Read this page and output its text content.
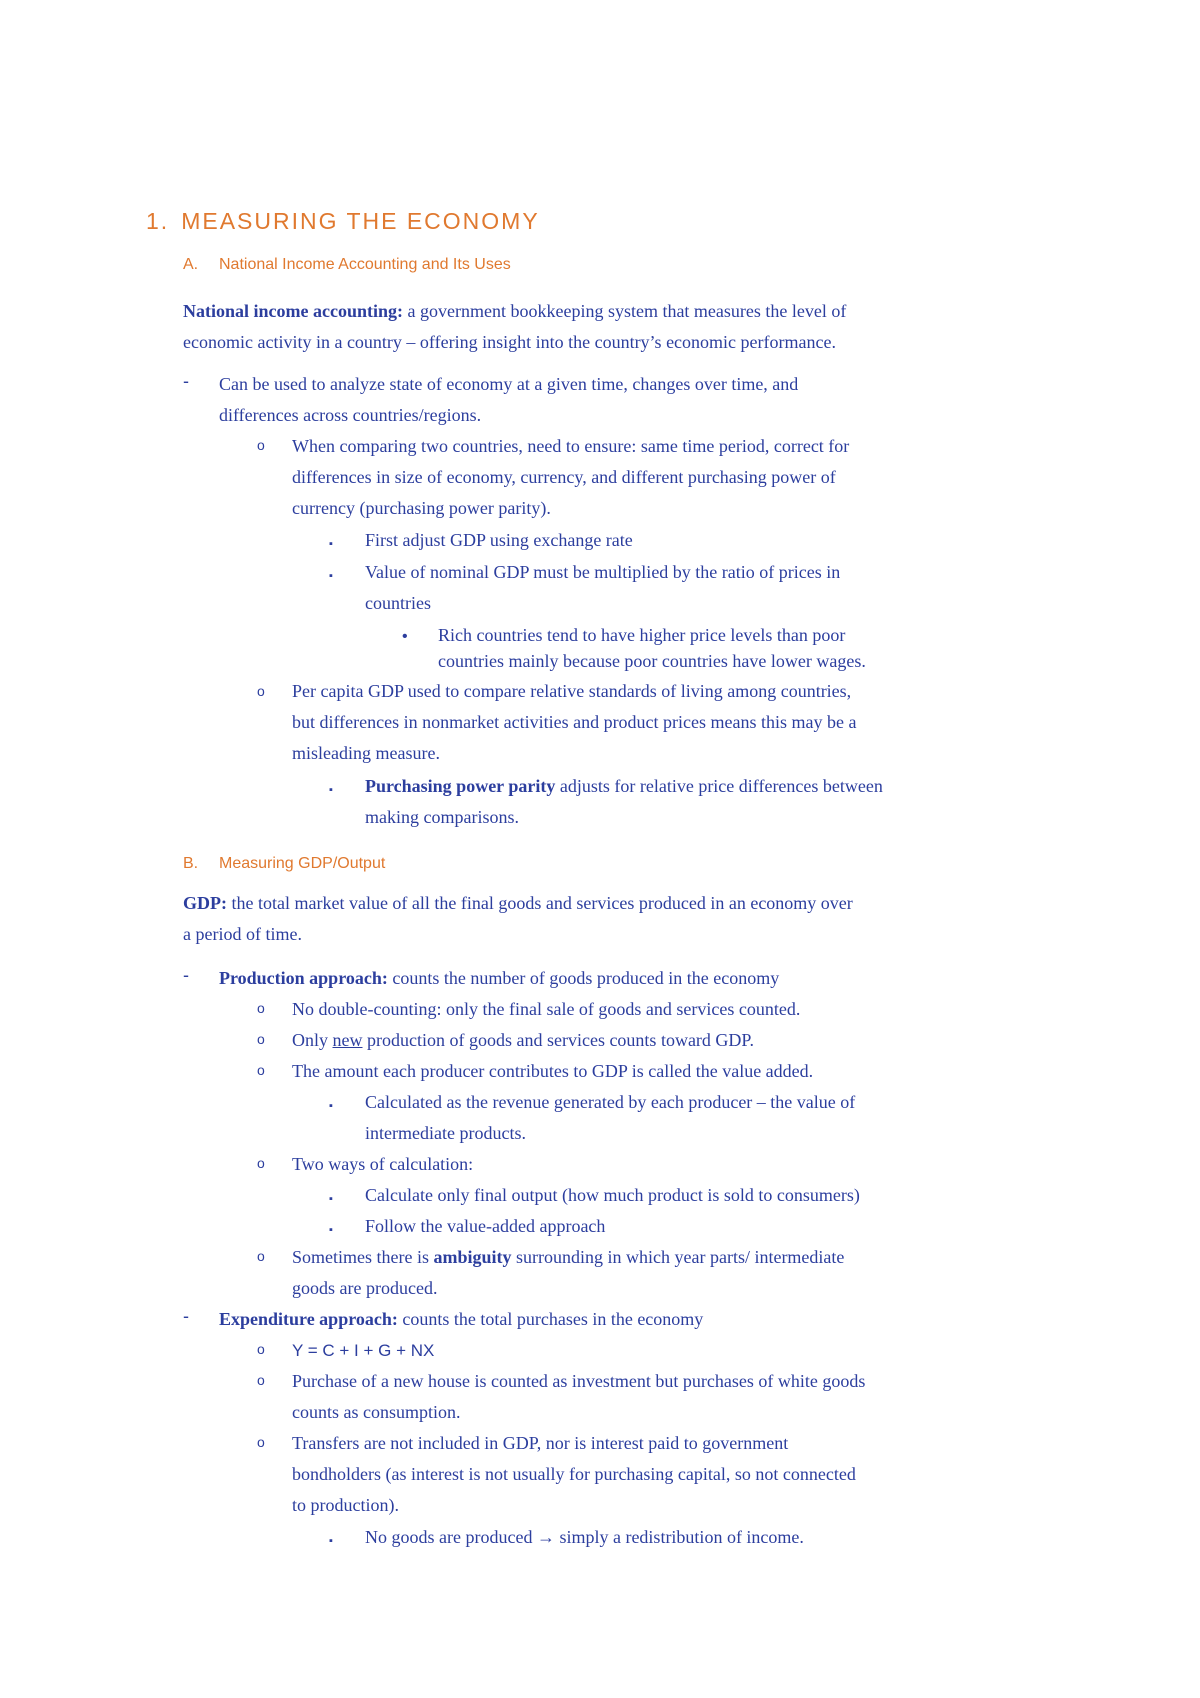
1. MEASURING THE ECONOMY
A. National Income Accounting and Its Uses
National income accounting: a government bookkeeping system that measures the level of
economic activity in a country – offering insight into the country’s economic performance.
- Can be used to analyze state of economy at a given time, changes over time, and
differences across countries/regions.
o When comparing two countries, need to ensure: same time period, correct for
differences in size of economy, currency, and different purchasing power of
currency (purchasing power parity).
▪ First adjust GDP using exchange rate
▪ Value of nominal GDP must be multiplied by the ratio of prices in
countries
• Rich countries tend to have higher price levels than poor
countries mainly because poor countries have lower wages.
o Per capita GDP used to compare relative standards of living among countries,
but differences in nonmarket activities and product prices means this may be a
misleading measure.
▪ Purchasing power parity adjusts for relative price differences between
making comparisons.
B. Measuring GDP/Output
GDP: the total market value of all the final goods and services produced in an economy over
a period of time.
- Production approach: counts the number of goods produced in the economy
o No double-counting: only the final sale of goods and services counted.
o Only new production of goods and services counts toward GDP.
o The amount each producer contributes to GDP is called the value added.
▪ Calculated as the revenue generated by each producer – the value of
intermediate products.
o Two ways of calculation:
▪ Calculate only final output (how much product is sold to consumers)
▪ Follow the value-added approach
o Sometimes there is ambiguity surrounding in which year parts/ intermediate
goods are produced.
- Expenditure approach: counts the total purchases in the economy
o Y = C + I + G + NX
o Purchase of a new house is counted as investment but purchases of white goods
counts as consumption.
o Transfers are not included in GDP, nor is interest paid to government
bondholders (as interest is not usually for purchasing capital, so not connected
to production).
▪ No goods are produced → simply a redistribution of income.
